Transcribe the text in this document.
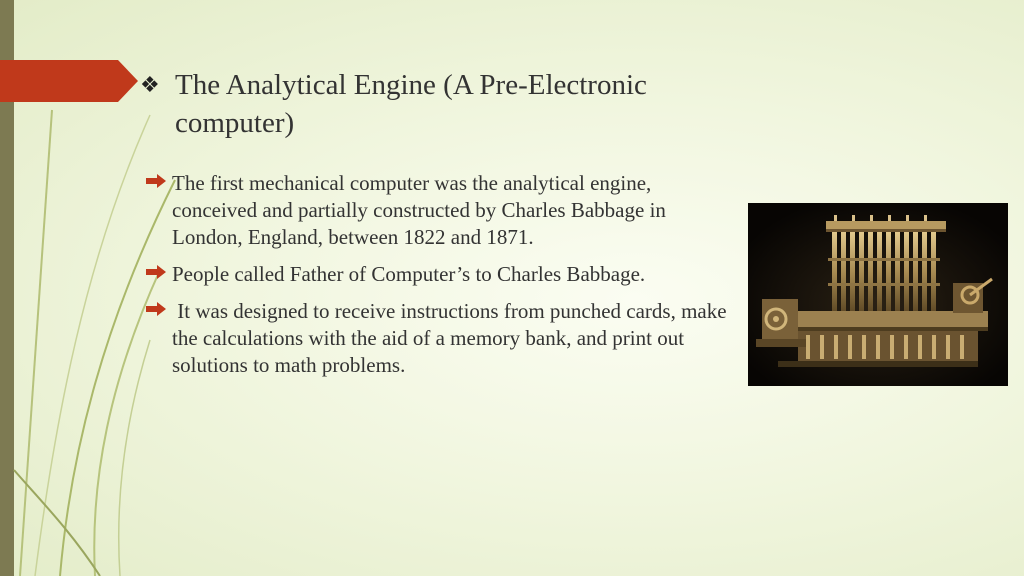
❖ The Analytical Engine (A Pre-Electronic computer)
The first mechanical computer was the analytical engine, conceived and partially constructed by Charles Babbage in London, England, between 1822 and 1871.
People called Father of Computer’s to Charles Babbage.
It was designed to receive instructions from punched cards, make the calculations with the aid of a memory bank, and print out solutions to math problems.
